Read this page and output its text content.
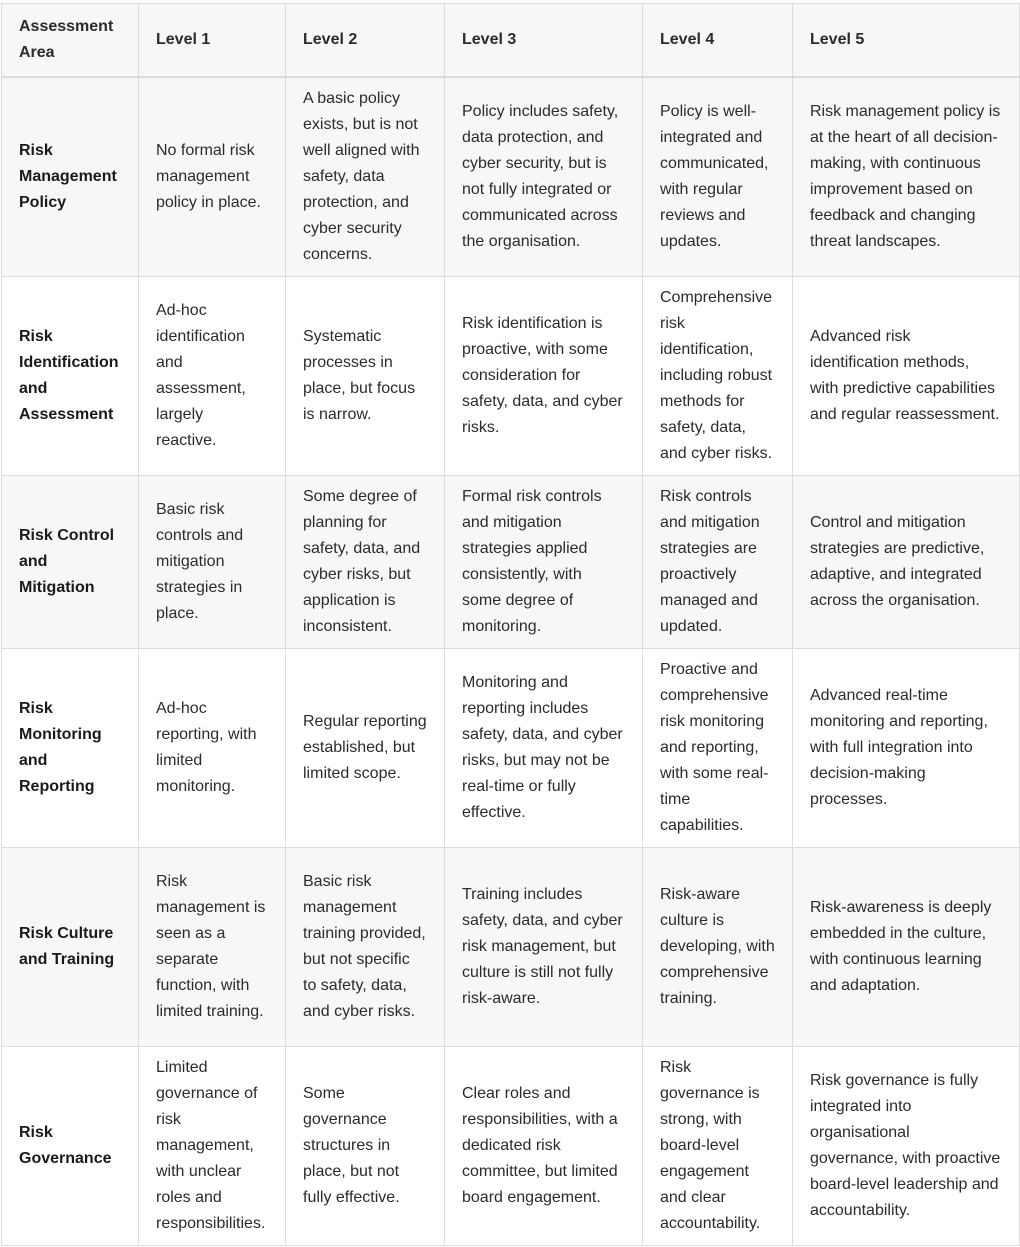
Assessment Area	Level 1	Level 2	Level 3	Level 4	Level 5
Risk Management Policy	No formal risk management policy in place.	A basic policy exists, but is not well aligned with safety, data protection, and cyber security concerns.	Policy includes safety, data protection, and cyber security, but is not fully integrated or communicated across the organisation.	Policy is well-integrated and communicated, with regular reviews and updates.	Risk management policy is at the heart of all decision-making, with continuous improvement based on feedback and changing threat landscapes.
Risk Identification and Assessment	Ad-hoc identification and assessment, largely reactive.	Systematic processes in place, but focus is narrow.	Risk identification is proactive, with some consideration for safety, data, and cyber risks.	Comprehensive risk identification, including robust methods for safety, data, and cyber risks.	Advanced risk identification methods, with predictive capabilities and regular reassessment.
Risk Control and Mitigation	Basic risk controls and mitigation strategies in place.	Some degree of planning for safety, data, and cyber risks, but application is inconsistent.	Formal risk controls and mitigation strategies applied consistently, with some degree of monitoring.	Risk controls and mitigation strategies are proactively managed and updated.	Control and mitigation strategies are predictive, adaptive, and integrated across the organisation.
Risk Monitoring and Reporting	Ad-hoc reporting, with limited monitoring.	Regular reporting established, but limited scope.	Monitoring and reporting includes safety, data, and cyber risks, but may not be real-time or fully effective.	Proactive and comprehensive risk monitoring and reporting, with some real-time capabilities.	Advanced real-time monitoring and reporting, with full integration into decision-making processes.
Risk Culture and Training	Risk management is seen as a separate function, with limited training.	Basic risk management training provided, but not specific to safety, data, and cyber risks.	Training includes safety, data, and cyber risk management, but culture is still not fully risk-aware.	Risk-aware culture is developing, with comprehensive training.	Risk-awareness is deeply embedded in the culture, with continuous learning and adaptation.
Risk Governance	Limited governance of risk management, with unclear roles and responsibilities.	Some governance structures in place, but not fully effective.	Clear roles and responsibilities, with a dedicated risk committee, but limited board engagement.	Risk governance is strong, with board-level engagement and clear accountability.	Risk governance is fully integrated into organisational governance, with proactive board-level leadership and accountability.
